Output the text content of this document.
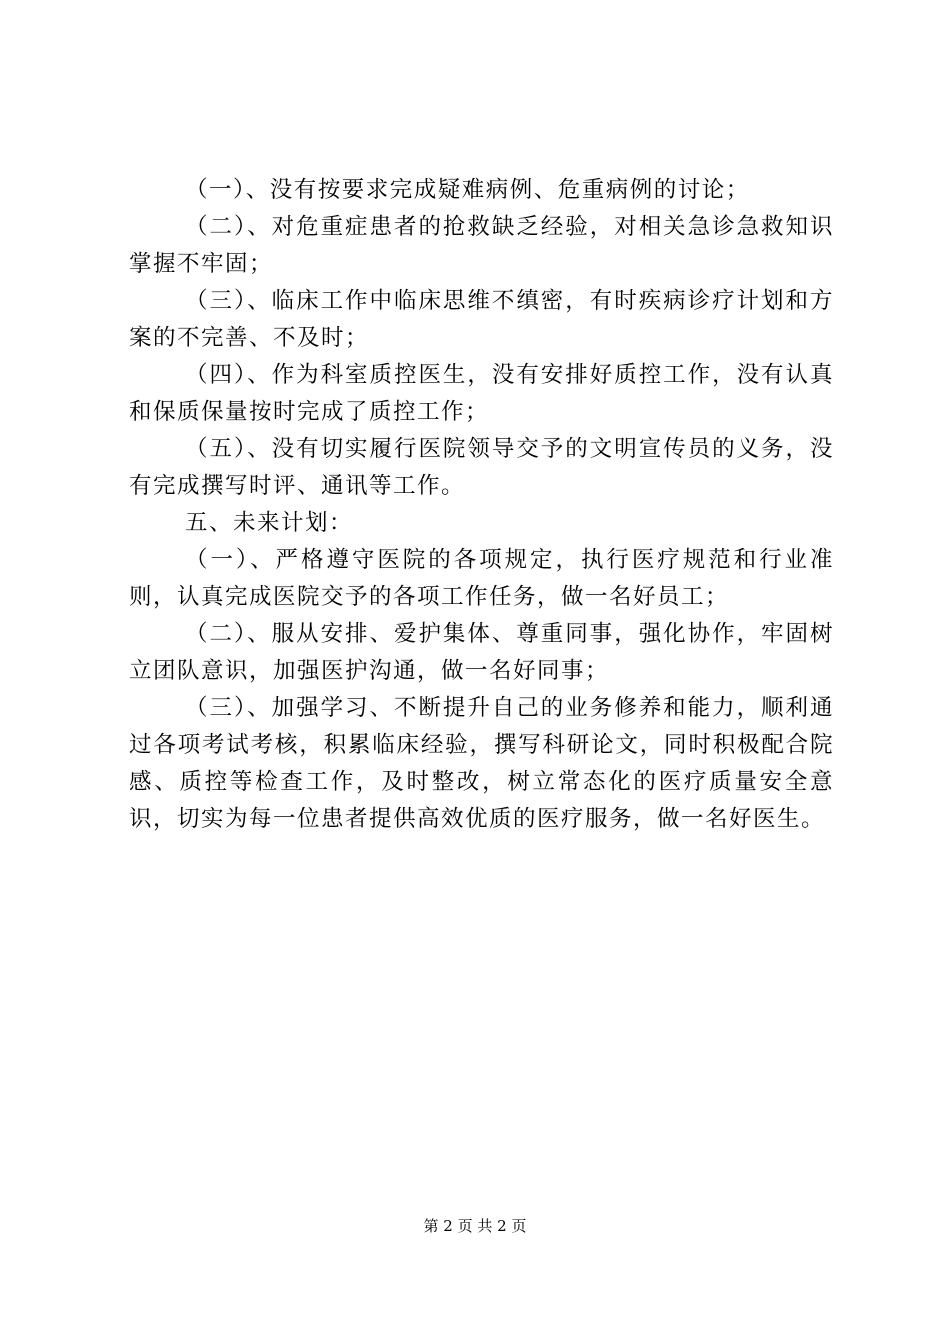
（一）、没有按要求完成疑难病例、危重病例的讨论；

（二）、对危重症患者的抢救缺乏经验，对相关急诊急救知识掌握不牢固；

（三）、临床工作中临床思维不缜密，有时疾病诊疗计划和方案的不完善、不及时；

（四）、作为科室质控医生，没有安排好质控工作，没有认真和保质保量按时完成了质控工作；

（五）、没有切实履行医院领导交予的文明宣传员的义务，没有完成撰写时评、通讯等工作。

五、未来计划：

（一）、严格遵守医院的各项规定，执行医疗规范和行业准则，认真完成医院交予的各项工作任务，做一名好员工；

（二）、服从安排、爱护集体、尊重同事，强化协作，牢固树立团队意识，加强医护沟通，做一名好同事；

（三）、加强学习、不断提升自己的业务修养和能力，顺利通过各项考试考核，积累临床经验，撰写科研论文，同时积极配合院感、质控等检查工作，及时整改，树立常态化的医疗质量安全意识，切实为每一位患者提供高效优质的医疗服务，做一名好医生。

第 2 页 共 2 页
